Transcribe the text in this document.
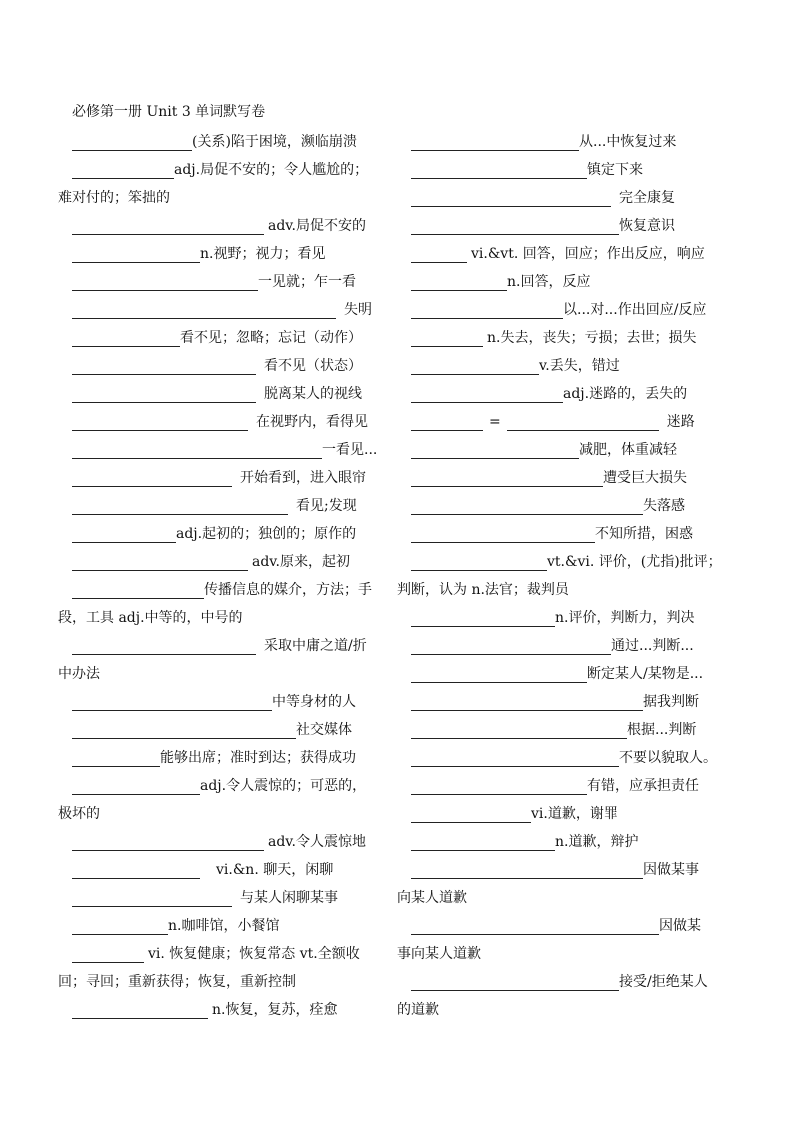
必修第一册 Unit 3 单词默写卷
(关系)陷于困境，濒临崩溃
adj.局促不安的；令人尴尬的；
难对付的；笨拙的
adv.局促不安的
n.视野；视力；看见
一见就；乍一看
失明
看不见；忽略；忘记（动作）
看不见（状态）
脱离某人的视线
在视野内，看得见
一看见...
开始看到，进入眼帘
看见;发现
adj.起初的；独创的；原作的
adv.原来，起初
传播信息的媒介，方法；手
段，工具 adj.中等的，中号的
采取中庸之道/折
中办法
中等身材的人
社交媒体
能够出席；准时到达；获得成功
adj.令人震惊的；可恶的，
极坏的
adv.令人震惊地
vi.&n. 聊天，闲聊
与某人闲聊某事
n.咖啡馆，小餐馆
vi. 恢复健康；恢复常态 vt.全额收
回；寻回；重新获得；恢复，重新控制
n.恢复，复苏，痊愈
从...中恢复过来
镇定下来
完全康复
恢复意识
vi.&vt. 回答，回应；作出反应，响应
n.回答，反应
以...对...作出回应/反应
n.失去，丧失；亏损；去世；损失
v.丢失，错过
adj.迷路的，丢失的
=	迷路
减肥，体重减轻
遭受巨大损失
失落感
不知所措，困惑
vt.&vi. 评价，(尤指)批评；
判断，认为 n.法官；裁判员
n.评价，判断力，判决
通过...判断...
断定某人/某物是...
据我判断
根据...判断
不要以貌取人。
有错，应承担责任
vi.道歉，谢罪
n.道歉，辩护
因做某事
向某人道歉
因做某
事向某人道歉
接受/拒绝某人
的道歉
